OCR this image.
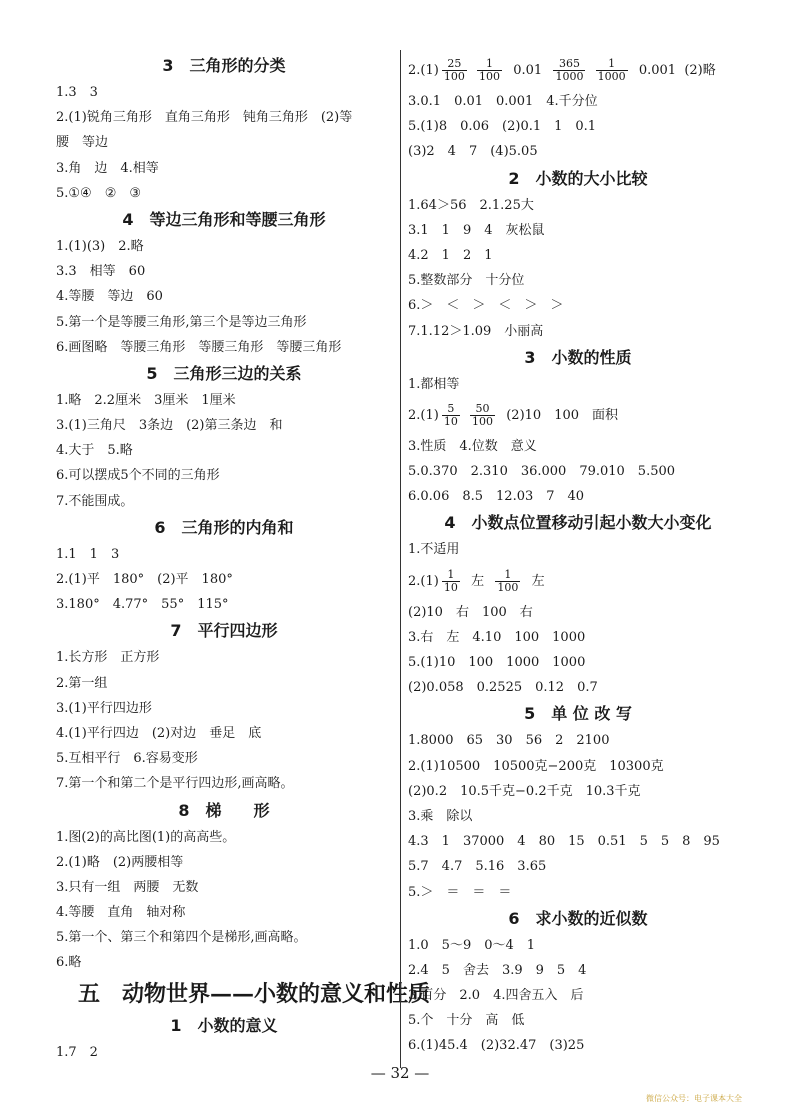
3　三角形的分类
1.3　3
2.(1)锐角三角形　直角三角形　钝角三角形　(2)等
腰　等边
3.角　边　4.相等
5.①④　②　③
4　等边三角形和等腰三角形
1.(1)(3)　2.略
3.3　相等　60
4.等腰　等边　60
5.第一个是等腰三角形,第三个是等边三角形
6.画图略　等腰三角形　等腰三角形　等腰三角形
5　三角形三边的关系
1.略　2.2厘米　3厘米　1厘米
3.(1)三角尺　3条边　(2)第三条边　和
4.大于　5.略
6.可以摆成5个不同的三角形
7.不能围成。
6　三角形的内角和
1.1　1　3
2.(1)平　180°　(2)平　180°
3.180°　4.77°　55°　115°
7　平行四边形
1.长方形　正方形
2.第一组
3.(1)平行四边形
4.(1)平行四边　(2)对边　垂足　底
5.互相平行　6.容易变形
7.第一个和第二个是平行四边形,画高略。
8　梯　　形
1.图(2)的高比图(1)的高高些。
2.(1)略　(2)两腰相等
3.只有一组　两腰　无数
4.等腰　直角　轴对称
5.第一个、第三个和第四个是梯形,画高略。
6.略
五　动物世界——小数的意义和性质
1　小数的意义
1.7　2
$2.(1) \frac{25}{100}$
$\frac{1}{100} 0.01 \frac{365}{1000}$
$\frac{1}{1000} 0.001$  (2)略
3.0.1　0.01　0.001　4.千分位
5.(1)8　0.06　(2)0.1　1　0.1
(3)2　4　7　(4)5.05
2　小数的大小比较
1.64＞56　2.1.25大
3.1　1　9　4　灰松鼠
4.2　1　2　1
5.整数部分　十分位
6.＞　＜　＞　＜　＞　＞
7.1.12＞1.09　小丽高
3　小数的性质
1.都相等
$2.(1) \frac{5}{10}$
$\frac{50}{100} (2)10$　100　面积
3.性质　4.位数　意义
5.0.370　2.310　36.000　79.010　5.500
6.0.06　8.5　12.03　7　40
4　小数点位置移动引起小数大小变化
1.不适用
$2.(1) \frac{1}{10}$ 左 $\frac{1}{100}$ 左
(2)10　右　100　右
3.右　左　4.10　100　1000
5.(1)10　100　1000　1000
(2)0.058　0.2525　0.12　0.7
5　单 位 改 写
1.8000　65　30　56　2　2100
2.(1)10500　10500克−200克　10300克
(2)0.2　10.5千克−0.2千克　10.3千克
3.乘　除以
4.3　1　37000　4　80　15　0.51　5　5　8　95
5.7　4.7　5.16　3.65
5.＞　＝　＝　＝
6　求小数的近似数
1.0　5～9　0～4　1
2.4　5　舍去　3.9　9　5　4
3.百分　2.0　4.四舍五入　后
5.个　十分　高　低
6.(1)45.4　(2)32.47　(3)25
— 32 —
微信公众号：电子课本大全
